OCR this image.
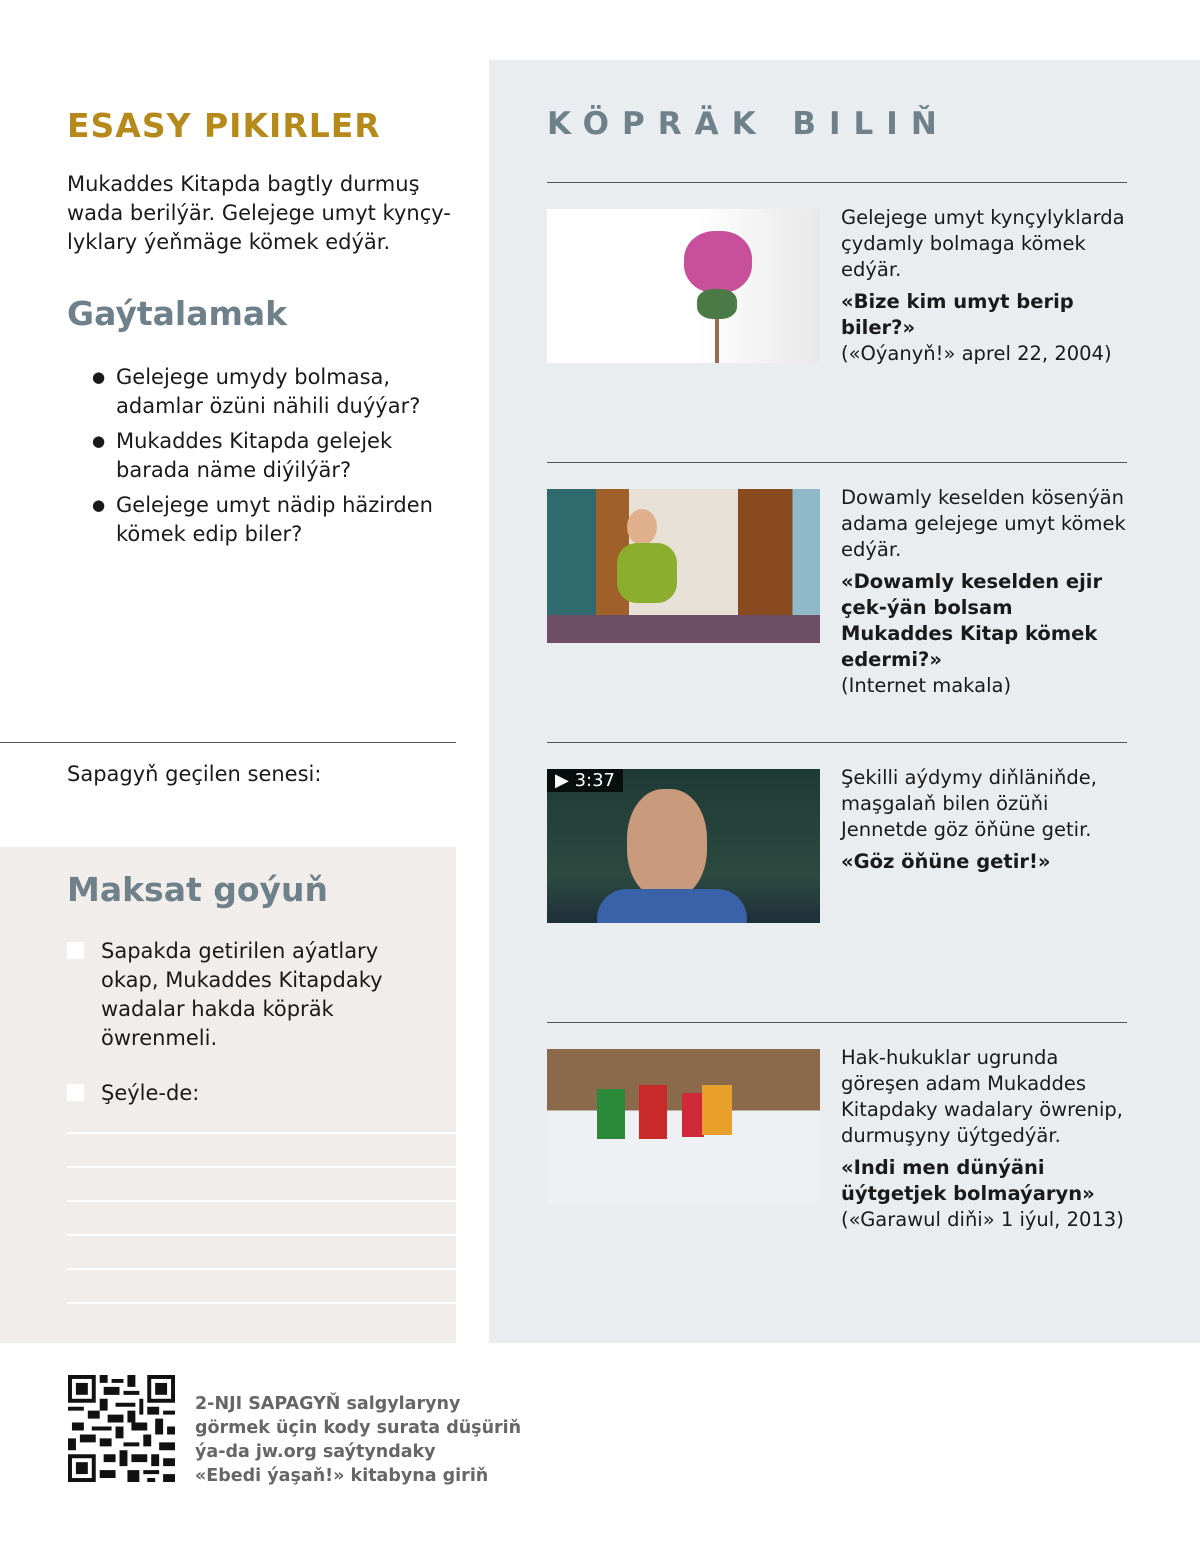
ESASY PIKIRLER
Mukaddes Kitapda bagtly durmuş wada berilýär. Gelejege umyt kynçy-lyklary ýeňmäge kömek edýär.
Gaýtalamak
● Gelejege umydy bolmasa, adamlar özüni nähili duýýar?
● Mukaddes Kitapda gelejek barada näme diýilýär?
● Gelejege umyt nädip häzirden kömek edip biler?
Sapagyň geçilen senesi:
Maksat goýuň
Sapakda getirilen aýatlary okap, Mukaddes Kitapdaky wadalar hakda köpräk öwrenmeli.
Şeýle-de:
KÖPRÄK BILIŇ
Gelejege umyt kynçylyklarda çydamly bolmaga kömek edýär.
«Bize kim umyt berip biler?»
(«Oýanyň!» aprel 22, 2004)
Dowamly keselden kösenýän adama gelejege umyt kömek edýär.
«Dowamly keselden ejir çek-ýän bolsam Mukaddes Kitap kömek edermi?»
(Internet makala)
▶ 3:37	Şekilli aýdymy diňläniňde, maşgalaň bilen özüňi Jennetde göz öňüne getir.
«Göz öňüne getir!»
Hak-hukuklar ugrunda göreşen adam Mukaddes Kitapdaky wadalary öwrenip, durmuşyny üýtgedýär.
«Indi men dünýäni üýtgetjek bolmaýaryn»
(«Garawul diňi» 1 iýul, 2013)
2-NJI SAPAGYŇ salgylaryny
görmek üçin kody surata düşüriň
ýa-da jw.org saýtyndaky
«Ebedi ýaşaň!» kitabyna giriň
